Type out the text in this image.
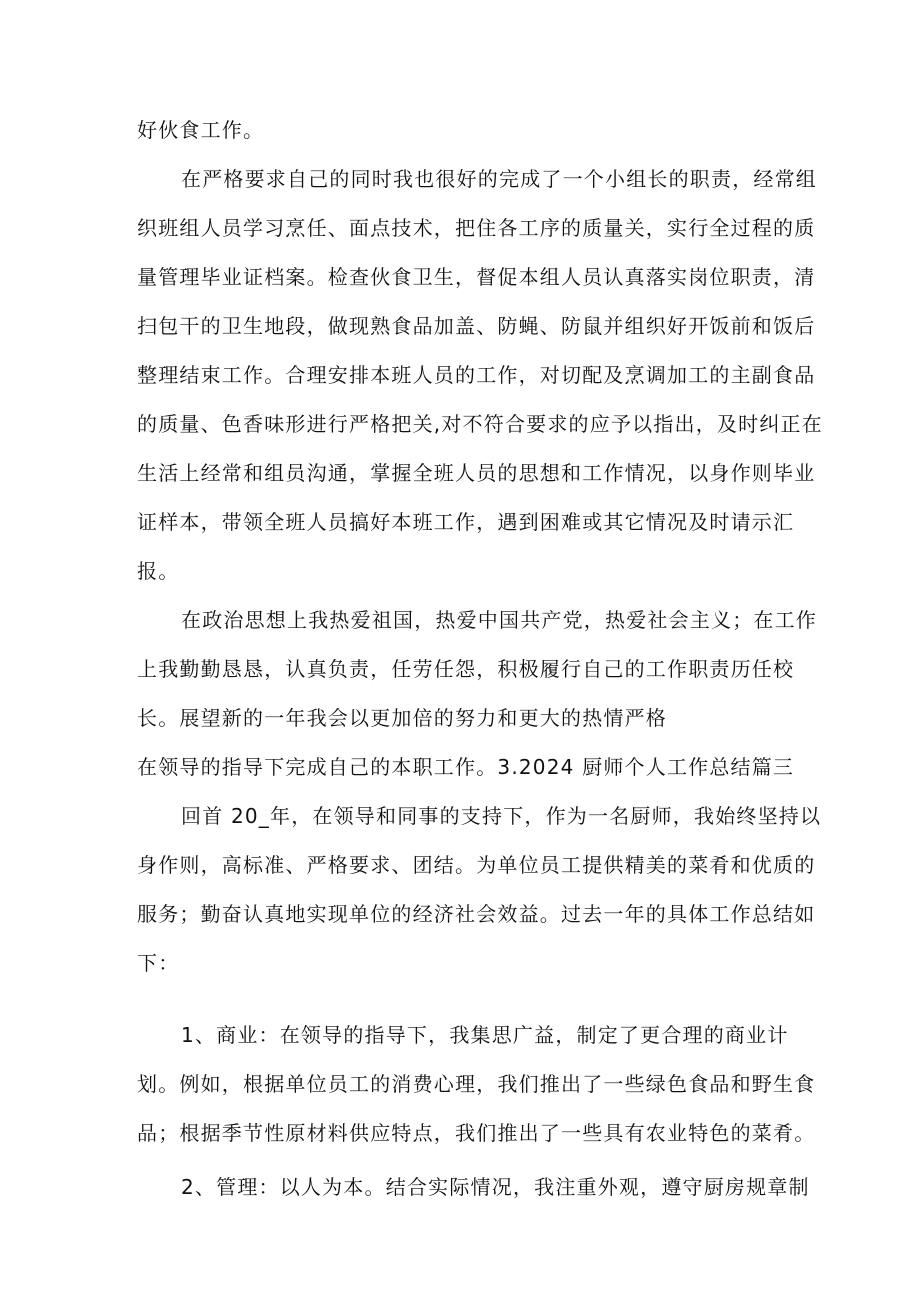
好伙食工作。
在严格要求自己的同时我也很好的完成了一个小组长的职责，经常组
织班组人员学习烹任、面点技术，把住各工序的质量关，实行全过程的质
量管理毕业证档案。检查伙食卫生，督促本组人员认真落实岗位职责，清
扫包干的卫生地段，做现熟食品加盖、防蝇、防鼠并组织好开饭前和饭后
整理结束工作。合理安排本班人员的工作，对切配及烹调加工的主副食品
的质量、色香味形进行严格把关,对不符合要求的应予以指出，及时纠正在
生活上经常和组员沟通，掌握全班人员的思想和工作情况，以身作则毕业
证样本，带领全班人员搞好本班工作，遇到困难或其它情况及时请示汇
报。
在政治思想上我热爱祖国，热爱中国共产党，热爱社会主义；在工作
上我勤勤恳恳，认真负责，任劳任怨，积极履行自己的工作职责历任校
长。展望新的一年我会以更加倍的努力和更大的热情严格
在领导的指导下完成自己的本职工作。3.2024 厨师个人工作总结篇三
回首 20_年，在领导和同事的支持下，作为一名厨师，我始终坚持以
身作则，高标准、严格要求、团结。为单位员工提供精美的菜肴和优质的
服务；勤奋认真地实现单位的经济社会效益。过去一年的具体工作总结如
下：
1、商业：在领导的指导下，我集思广益，制定了更合理的商业计
划。例如，根据单位员工的消费心理，我们推出了一些绿色食品和野生食
品；根据季节性原材料供应特点，我们推出了一些具有农业特色的菜肴。
2、管理：以人为本。结合实际情况，我注重外观，遵守厨房规章制
